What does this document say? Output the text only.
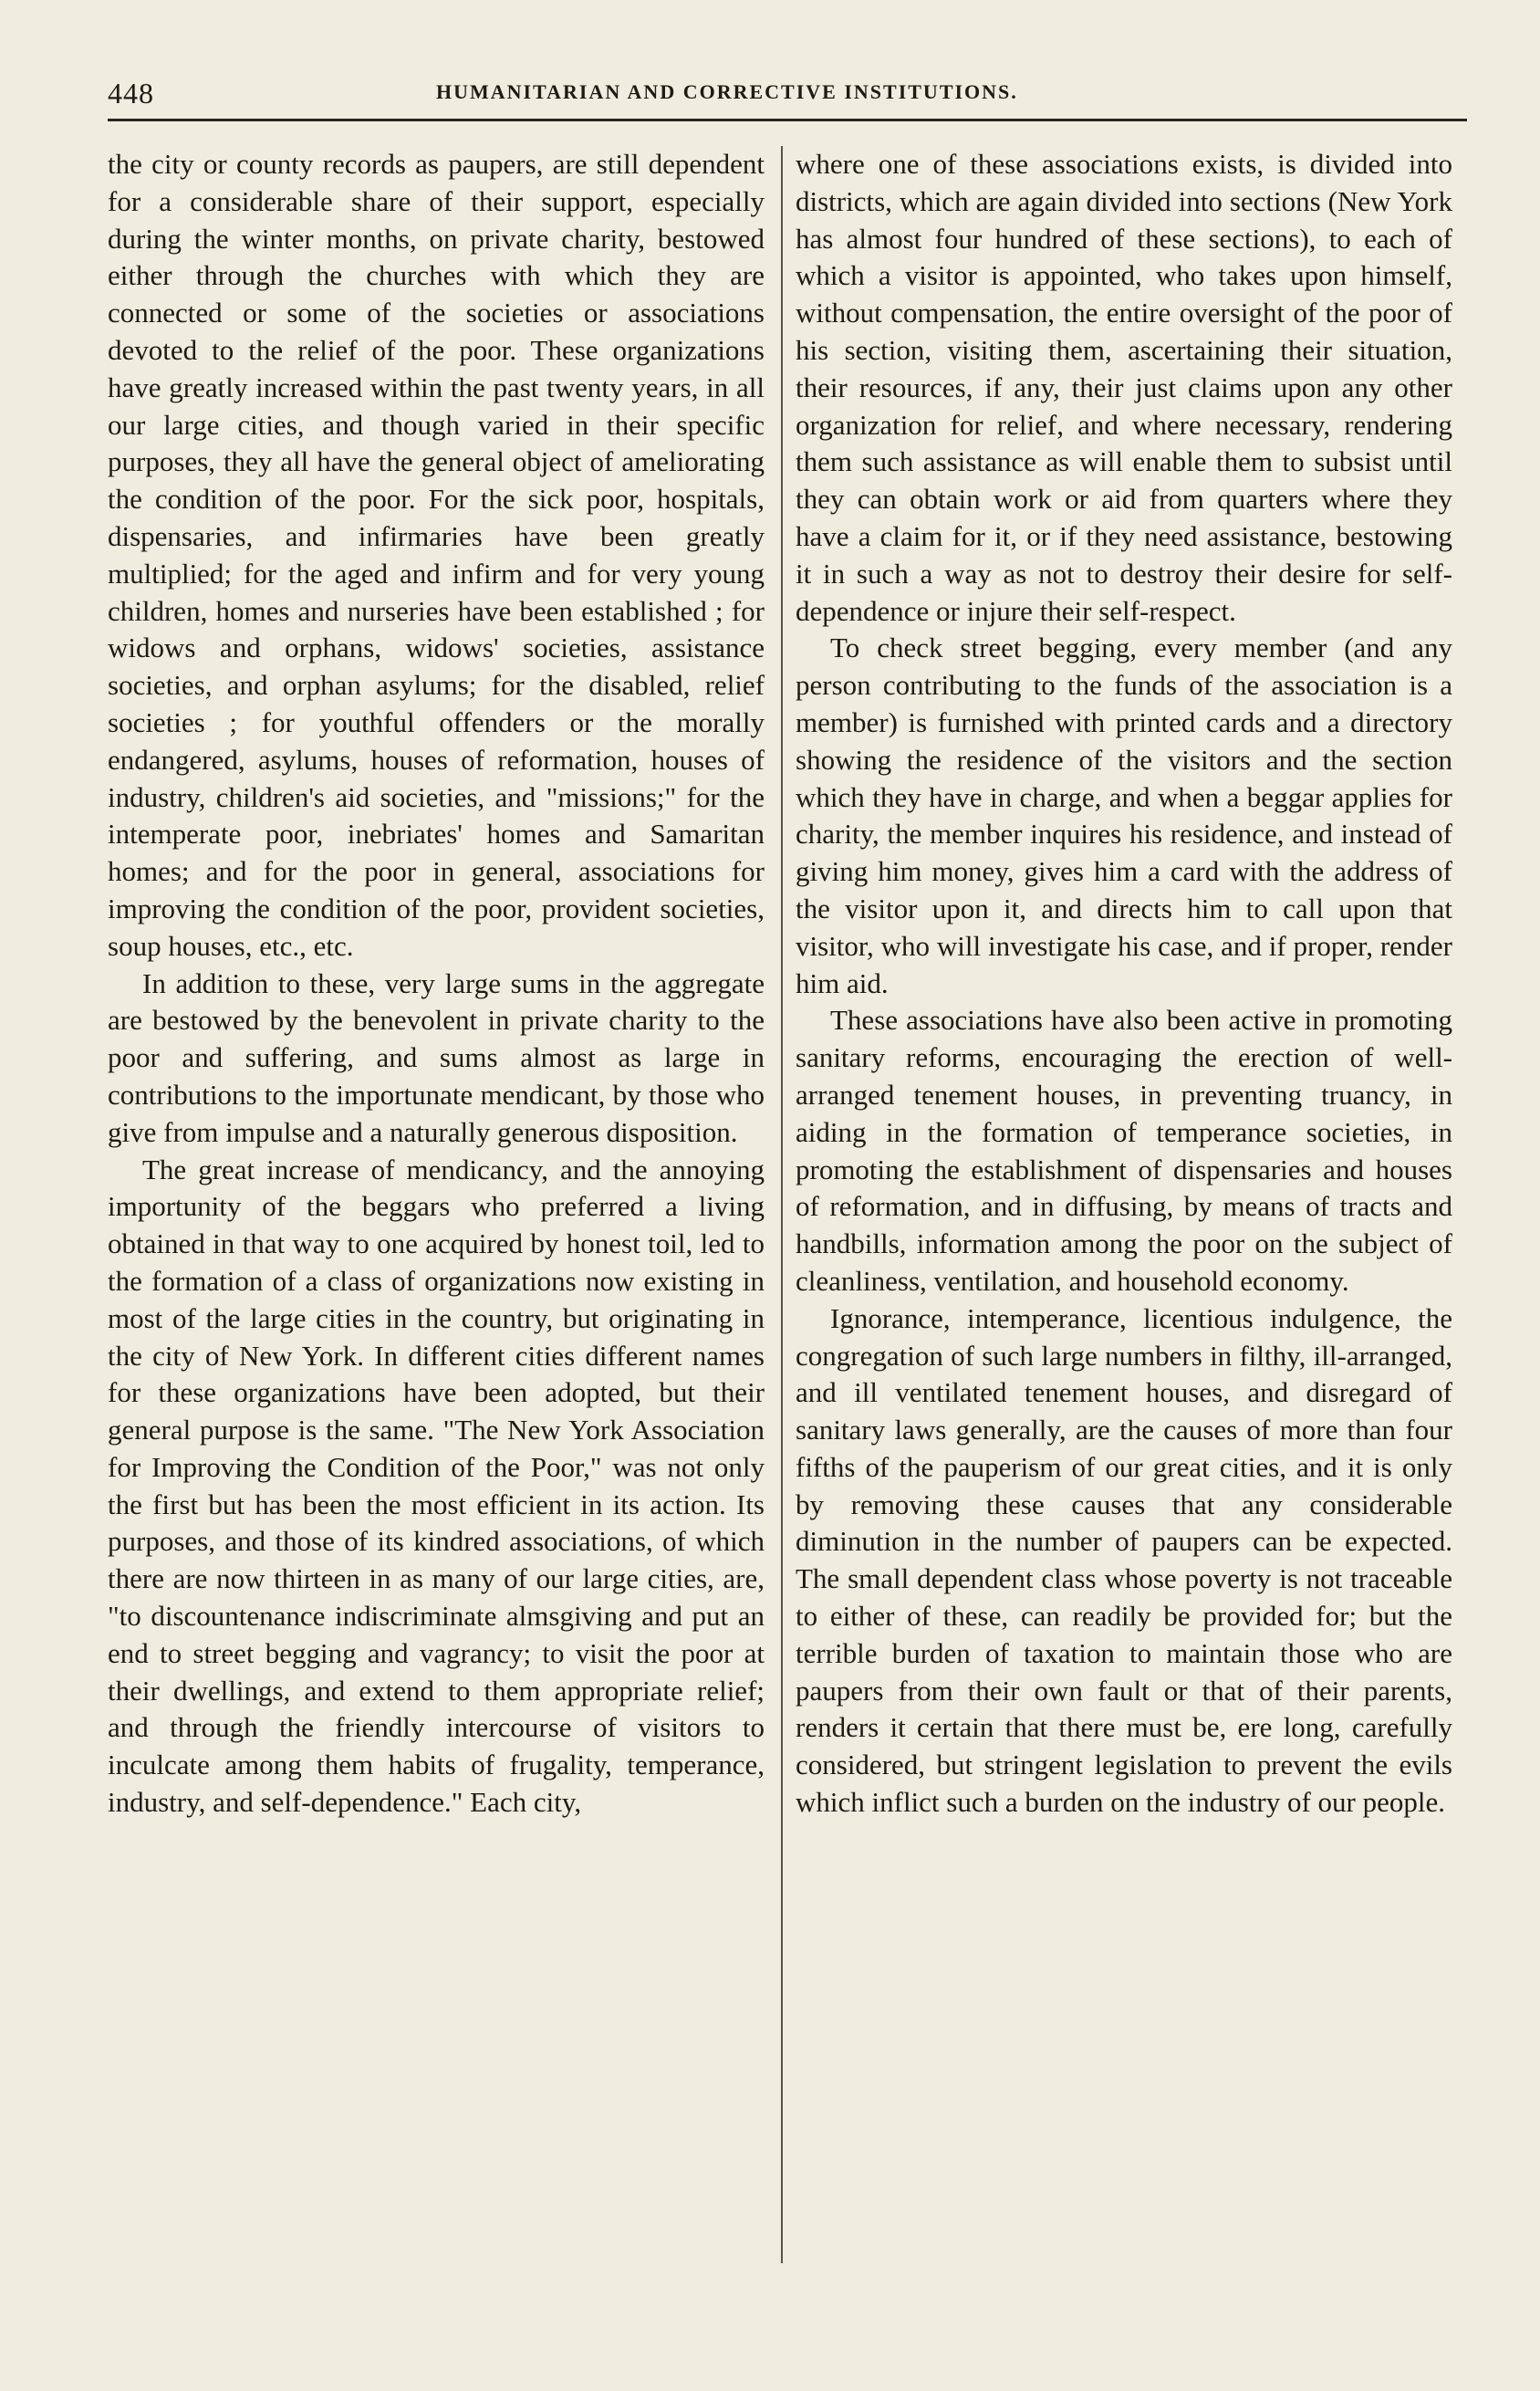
448	HUMANITARIAN AND CORRECTIVE INSTITUTIONS.

the city or county records as paupers, are still dependent for a considerable share of their support, especially during the winter months, on private charity, bestowed either through the churches with which they are connected or some of the societies or associations devoted to the relief of the poor. These organizations have greatly increased within the past twenty years, in all our large cities, and though varied in their specific purposes, they all have the general object of ameliorating the condition of the poor. For the sick poor, hospitals, dispensaries, and infirmaries have been greatly multiplied; for the aged and infirm and for very young children, homes and nurseries have been established ; for widows and orphans, widows' societies, assistance societies, and orphan asylums; for the disabled, relief societies ; for youthful offenders or the morally endangered, asylums, houses of reformation, houses of industry, children's aid societies, and "missions;" for the intemperate poor, inebriates' homes and Samaritan homes; and for the poor in general, associations for improving the condition of the poor, provident societies, soup houses, etc., etc.

In addition to these, very large sums in the aggregate are bestowed by the benevolent in private charity to the poor and suffering, and sums almost as large in contributions to the importunate mendicant, by those who give from impulse and a naturally generous disposition.

The great increase of mendicancy, and the annoying importunity of the beggars who preferred a living obtained in that way to one acquired by honest toil, led to the formation of a class of organizations now existing in most of the large cities in the country, but originating in the city of New York. In different cities different names for these organizations have been adopted, but their general purpose is the same. "The New York Association for Improving the Condition of the Poor," was not only the first but has been the most efficient in its action. Its purposes, and those of its kindred associations, of which there are now thirteen in as many of our large cities, are, "to discountenance indiscriminate almsgiving and put an end to street begging and vagrancy; to visit the poor at their dwellings, and extend to them appropriate relief; and through the friendly intercourse of visitors to inculcate among them habits of frugality, temperance, industry, and self-dependence." Each city,

where one of these associations exists, is divided into districts, which are again divided into sections (New York has almost four hundred of these sections), to each of which a visitor is appointed, who takes upon himself, without compensation, the entire oversight of the poor of his section, visiting them, ascertaining their situation, their resources, if any, their just claims upon any other organization for relief, and where necessary, rendering them such assistance as will enable them to subsist until they can obtain work or aid from quarters where they have a claim for it, or if they need assistance, bestowing it in such a way as not to destroy their desire for self-dependence or injure their self-respect.

To check street begging, every member (and any person contributing to the funds of the association is a member) is furnished with printed cards and a directory showing the residence of the visitors and the section which they have in charge, and when a beggar applies for charity, the member inquires his residence, and instead of giving him money, gives him a card with the address of the visitor upon it, and directs him to call upon that visitor, who will investigate his case, and if proper, render him aid.

These associations have also been active in promoting sanitary reforms, encouraging the erection of well-arranged tenement houses, in preventing truancy, in aiding in the formation of temperance societies, in promoting the establishment of dispensaries and houses of reformation, and in diffusing, by means of tracts and handbills, information among the poor on the subject of cleanliness, ventilation, and household economy.

Ignorance, intemperance, licentious indulgence, the congregation of such large numbers in filthy, ill-arranged, and ill ventilated tenement houses, and disregard of sanitary laws generally, are the causes of more than four fifths of the pauperism of our great cities, and it is only by removing these causes that any considerable diminution in the number of paupers can be expected. The small dependent class whose poverty is not traceable to either of these, can readily be provided for; but the terrible burden of taxation to maintain those who are paupers from their own fault or that of their parents, renders it certain that there must be, ere long, carefully considered, but stringent legislation to prevent the evils which inflict such a burden on the industry of our people.
